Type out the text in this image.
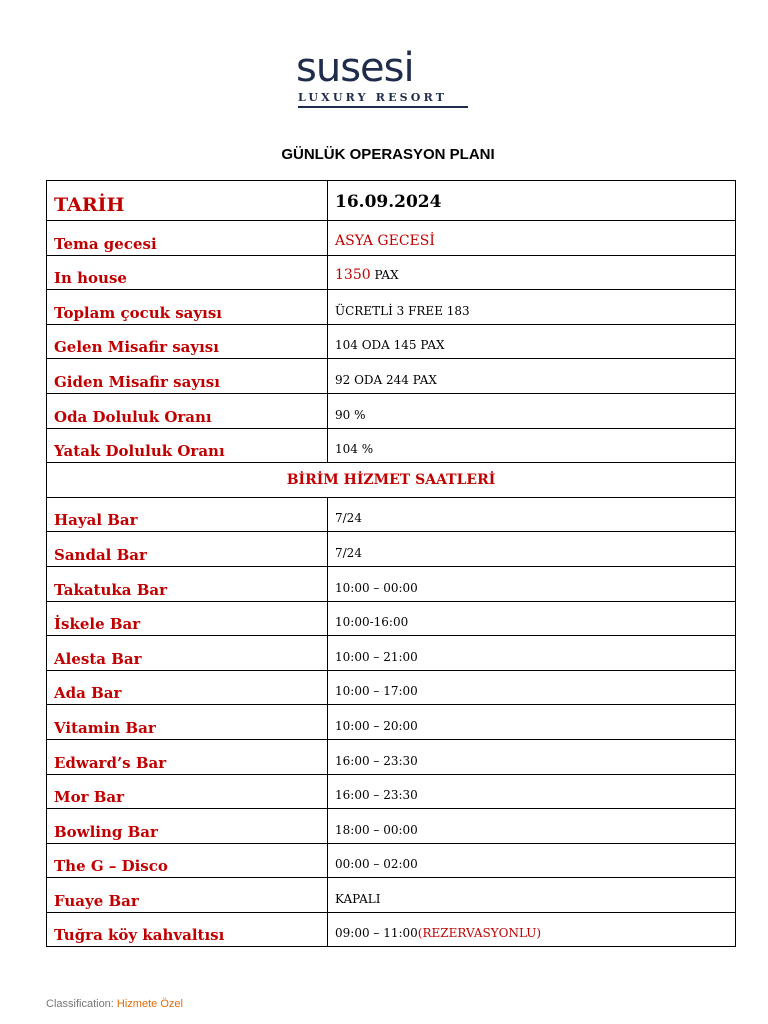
susesi
LUXURY RESORT
GÜNLÜK OPERASYON PLANI
TARİH	16.09.2024
Tema gecesi	ASYA GECESİ
In house	1350 PAX
Toplam çocuk sayısı	ÜCRETLİ 3 FREE 183
Gelen Misafir sayısı	104 ODA 145 PAX
Giden Misafir sayısı	92 ODA 244 PAX
Oda Doluluk Oranı	90 %
Yatak Doluluk Oranı	104 %
BİRİM HİZMET SAATLERİ	
Hayal Bar	7/24
Sandal Bar	7/24
Takatuka Bar	10:00 – 00:00
İskele Bar	10:00-16:00
Alesta Bar	10:00 – 21:00
Ada Bar	10:00 – 17:00
Vitamin Bar	10:00 – 20:00
Edward’s Bar	16:00 – 23:30
Mor Bar	16:00 – 23:30
Bowling Bar	18:00 – 00:00
The G – Disco	00:00 – 02:00
Fuaye Bar	KAPALI
Tuğra köy kahvaltısı	09:00 – 11:00(REZERVASYONLU)
Classification: Hizmete Özel
